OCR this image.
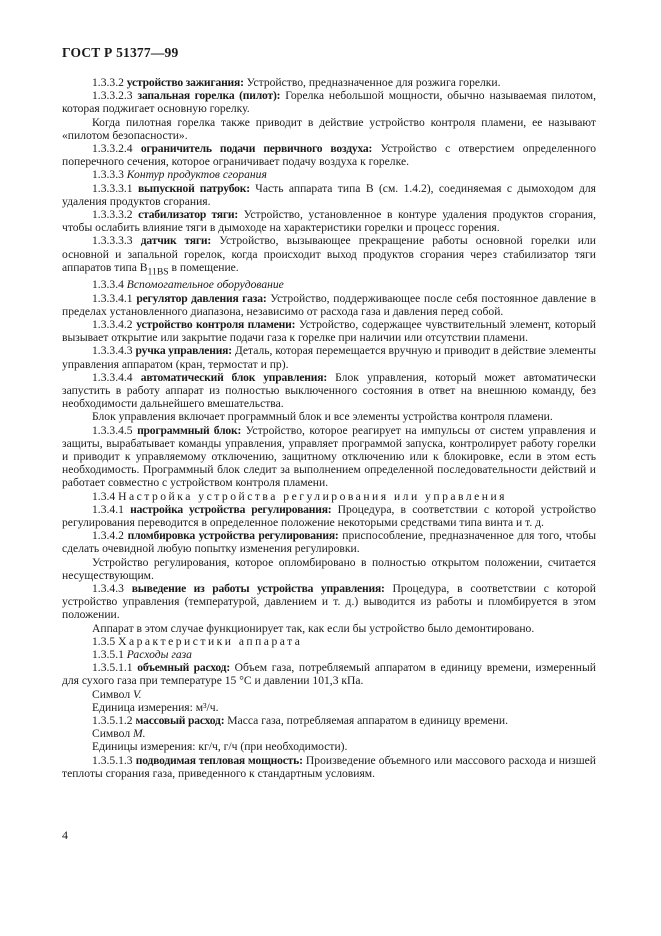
ГОСТ Р 51377—99

1.3.3.2 устройство зажигания: Устройство, предназначенное для розжига горелки.

1.3.3.2.3 запальная горелка (пилот): Горелка небольшой мощности, обычно называемая пилотом, которая поджигает основную горелку.

Когда пилотная горелка также приводит в действие устройство контроля пламени, ее называют «пилотом безопасности».

1.3.3.2.4 ограничитель подачи первичного воздуха: Устройство с отверстием определенного поперечного сечения, которое ограничивает подачу воздуха к горелке.

1.3.3.3 Контур продуктов сгорания

1.3.3.3.1 выпускной патрубок: Часть аппарата типа В (см. 1.4.2), соединяемая с дымоходом для удаления продуктов сгорания.

1.3.3.3.2 стабилизатор тяги: Устройство, установленное в контуре удаления продуктов сгорания, чтобы ослабить влияние тяги в дымоходе на характеристики горелки и процесс горения.

1.3.3.3.3 датчик тяги: Устройство, вызывающее прекращение работы основной горелки или основной и запальной горелок, когда происходит выход продуктов сгорания через стабилизатор тяги аппаратов типа $В_{11BS}$ в помещение.

1.3.3.4 Вспомогательное оборудование

1.3.3.4.1 регулятор давления газа: Устройство, поддерживающее после себя постоянное давление в пределах установленного диапазона, независимо от расхода газа и давления перед собой.

1.3.3.4.2 устройство контроля пламени: Устройство, содержащее чувствительный элемент, который вызывает открытие или закрытие подачи газа к горелке при наличии или отсутствии пламени.

1.3.3.4.3 ручка управления: Деталь, которая перемещается вручную и приводит в действие элементы управления аппаратом (кран, термостат и пр).

1.3.3.4.4 автоматический блок управления: Блок управления, который может автоматически запустить в работу аппарат из полностью выключенного состояния в ответ на внешнюю команду, без необходимости дальнейшего вмешательства.

Блок управления включает программный блок и все элементы устройства контроля пламени.

1.3.3.4.5 программный блок: Устройство, которое реагирует на импульсы от систем управления и защиты, вырабатывает команды управления, управляет программой запуска, контролирует работу горелки и приводит к управляемому отключению, защитному отключению или к блокировке, если в этом есть необходимость. Программный блок следит за выполнением определенной последовательности действий и работает совместно с устройством контроля пламени.

1.3.4 Настройка устройства регулирования или управления

1.3.4.1 настройка устройства регулирования: Процедура, в соответствии с которой устройство регулирования переводится в определенное положение некоторыми средствами типа винта и т. д.

1.3.4.2 пломбировка устройства регулирования: приспособление, предназначенное для того, чтобы сделать очевидной любую попытку изменения регулировки.

Устройство регулирования, которое опломбировано в полностью открытом положении, считается несуществующим.

1.3.4.3 выведение из работы устройства управления: Процедура, в соответствии с которой устройство управления (температурой, давлением и т. д.) выводится из работы и пломбируется в этом положении.

Аппарат в этом случае функционирует так, как если бы устройство было демонтировано.

1.3.5 Характеристики аппарата

1.3.5.1 Расходы газа

1.3.5.1.1 объемный расход: Объем газа, потребляемый аппаратом в единицу времени, измеренный для сухого газа при температуре 15 °С и давлении 101,3 кПа.

Символ V.

Единица измерения: м³/ч.

1.3.5.1.2 массовый расход: Масса газа, потребляемая аппаратом в единицу времени.

Символ M.

Единицы измерения: кг/ч, г/ч (при необходимости).

1.3.5.1.3 подводимая тепловая мощность: Произведение объемного или массового расхода и низшей теплоты сгорания газа, приведенного к стандартным условиям.

4
